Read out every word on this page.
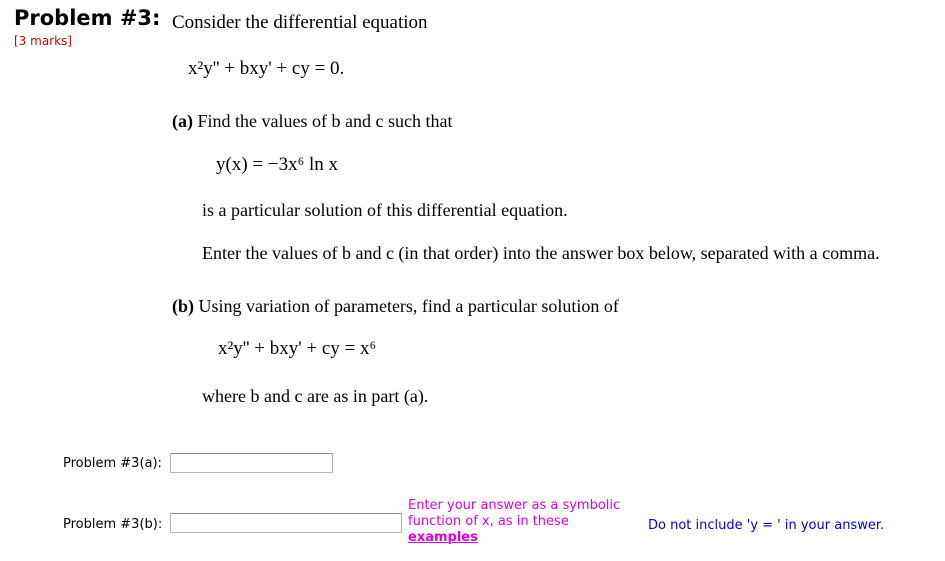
Problem #3: Consider the differential equation
[3 marks]
x²y'' + bxy' + cy = 0.
(a) Find the values of b and c such that
y(x) = −3x⁶ ln x
is a particular solution of this differential equation.
Enter the values of b and c (in that order) into the answer box below, separated with a comma.
(b) Using variation of parameters, find a particular solution of
x²y'' + bxy' + cy = x⁶
where b and c are as in part (a).
Problem #3(a):
Problem #3(b):
Enter your answer as a symbolic function of x, as in these examples
Do not include 'y = ' in your answer.
